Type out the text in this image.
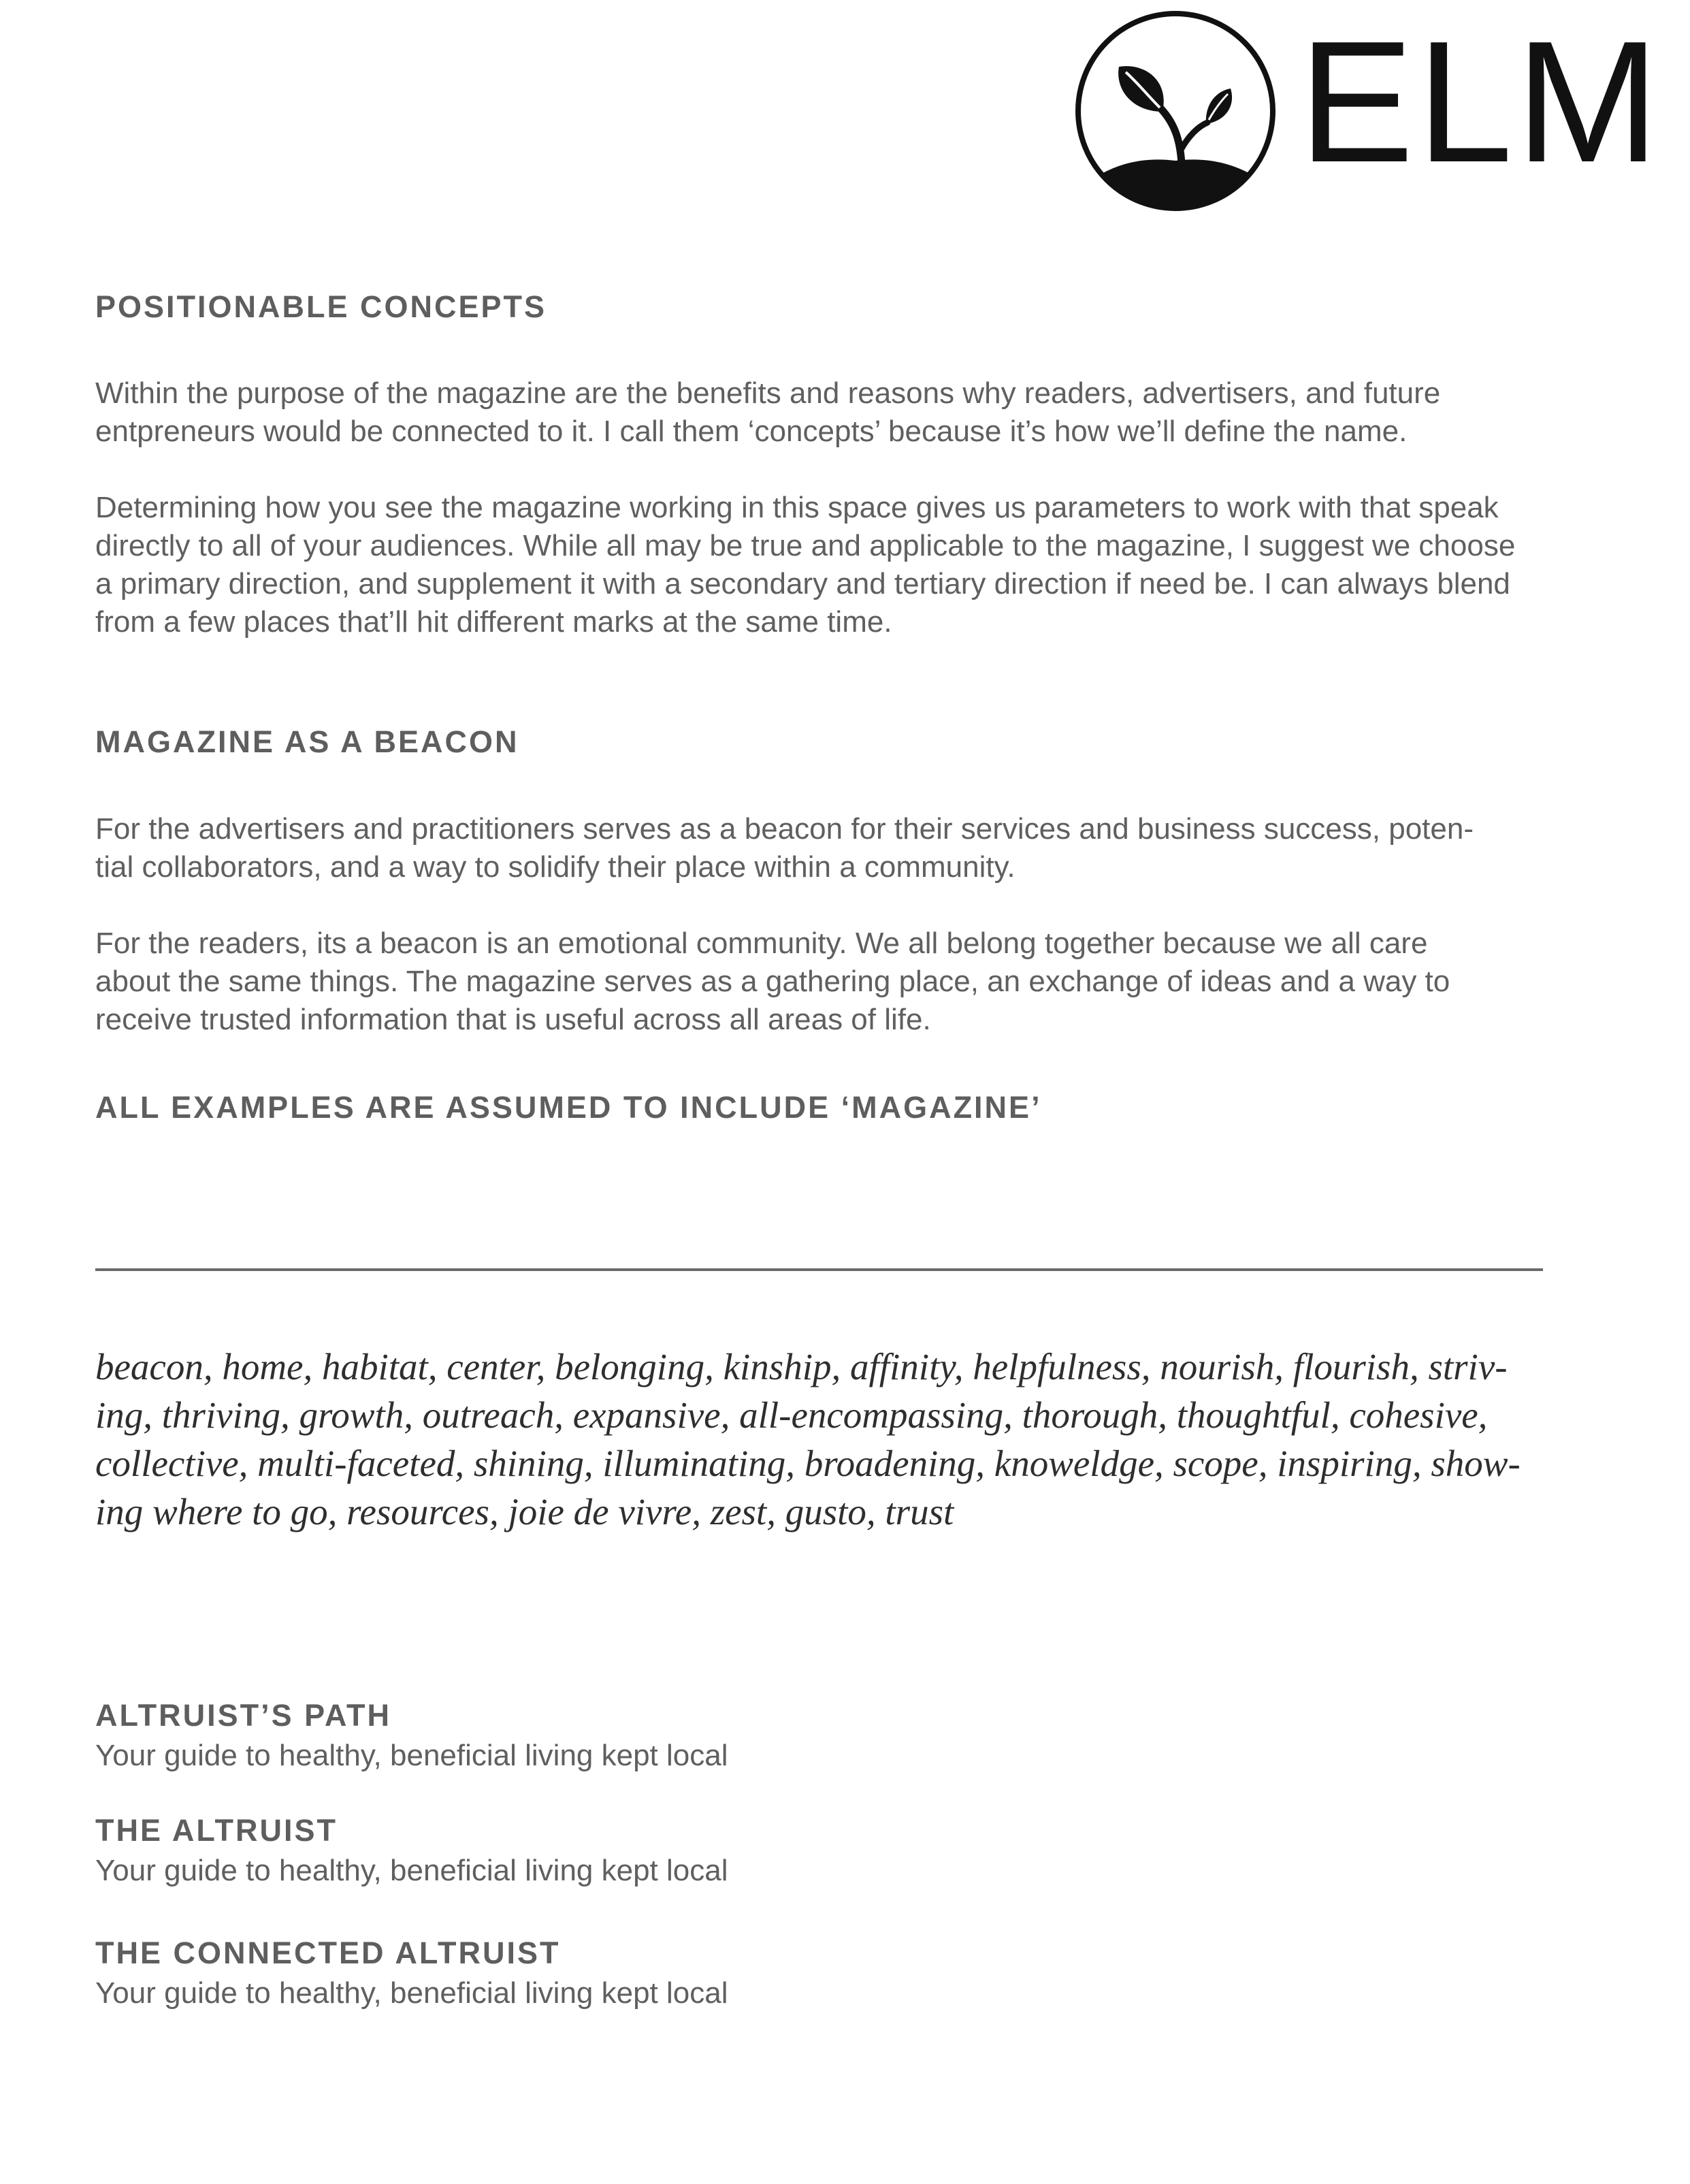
ELM
POSITIONABLE CONCEPTS

Within the purpose of the magazine are the benefits and reasons why readers, advertisers, and future
entpreneurs would be connected to it. I call them ‘concepts’ because it’s how we’ll define the name.

Determining how you see the magazine working in this space gives us parameters to work with that speak
directly to all of your audiences. While all may be true and applicable to the magazine, I suggest we choose
a primary direction, and supplement it with a secondary and tertiary direction if need be. I can always blend
from a few places that’ll hit different marks at the same time.

MAGAZINE AS A BEACON

For the advertisers and practitioners serves as a beacon for their services and business success, poten-
tial collaborators, and a way to solidify their place within a community.

For the readers, its a beacon is an emotional community. We all belong together because we all care
about the same things. The magazine serves as a gathering place, an exchange of ideas and a way to
receive trusted information that is useful across all areas of life.

ALL EXAMPLES ARE ASSUMED TO INCLUDE ‘MAGAZINE’

beacon, home, habitat, center, belonging, kinship, affinity, helpfulness, nourish, flourish, striv-
ing, thriving, growth, outreach, expansive, all-encompassing, thorough, thoughtful, cohesive,
collective, multi-faceted, shining, illuminating, broadening, knoweldge, scope, inspiring, show-
ing where to go, resources, joie de vivre, zest, gusto, trust

ALTRUIST’S PATH

Your guide to healthy, beneficial living kept local

THE ALTRUIST

Your guide to healthy, beneficial living kept local

THE CONNECTED ALTRUIST

Your guide to healthy, beneficial living kept local
